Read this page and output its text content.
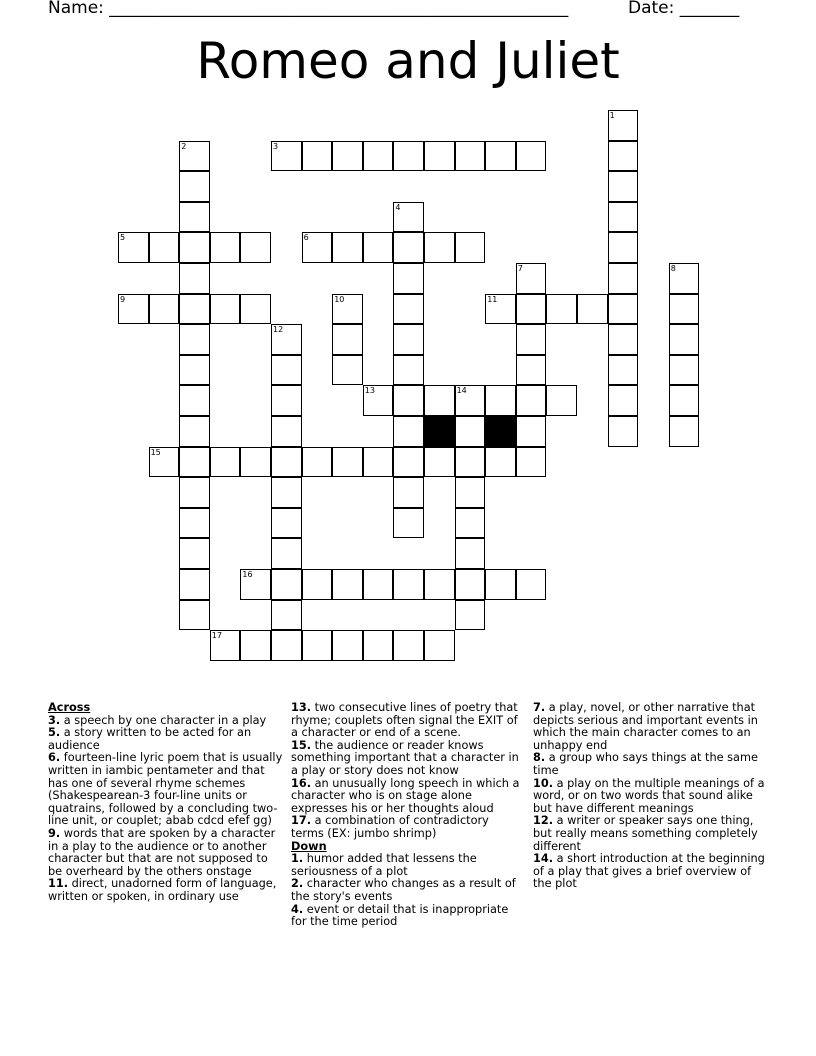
Name: ______________________________________________________	Date: _______
Romeo and Juliet
1
2	3
4
5	6
7	8
9	10	11
12
13	14
15
16
17
Across
3. a speech by one character in a play
5. a story written to be acted for an audience
6. fourteen-line lyric poem that is usually written in iambic pentameter and that has one of several rhyme schemes (Shakespearean-3 four-line units or quatrains, followed by a concluding two-line unit, or couplet; abab cdcd efef gg)
9. words that are spoken by a character in a play to the audience or to another character but that are not supposed to be overheard by the others onstage
11. direct, unadorned form of language, written or spoken, in ordinary use
13. two consecutive lines of poetry that rhyme; couplets often signal the EXIT of a character or end of a scene.
15. the audience or reader knows something important that a character in a play or story does not know
16. an unusually long speech in which a character who is on stage alone expresses his or her thoughts aloud
17. a combination of contradictory terms (EX: jumbo shrimp)
Down
1. humor added that lessens the seriousness of a plot
2. character who changes as a result of the story's events
4. event or detail that is inappropriate for the time period
7. a play, novel, or other narrative that depicts serious and important events in which the main character comes to an unhappy end
8. a group who says things at the same time
10. a play on the multiple meanings of a word, or on two words that sound alike but have different meanings
12. a writer or speaker says one thing, but really means something completely different
14. a short introduction at the beginning of a play that gives a brief overview of the plot
